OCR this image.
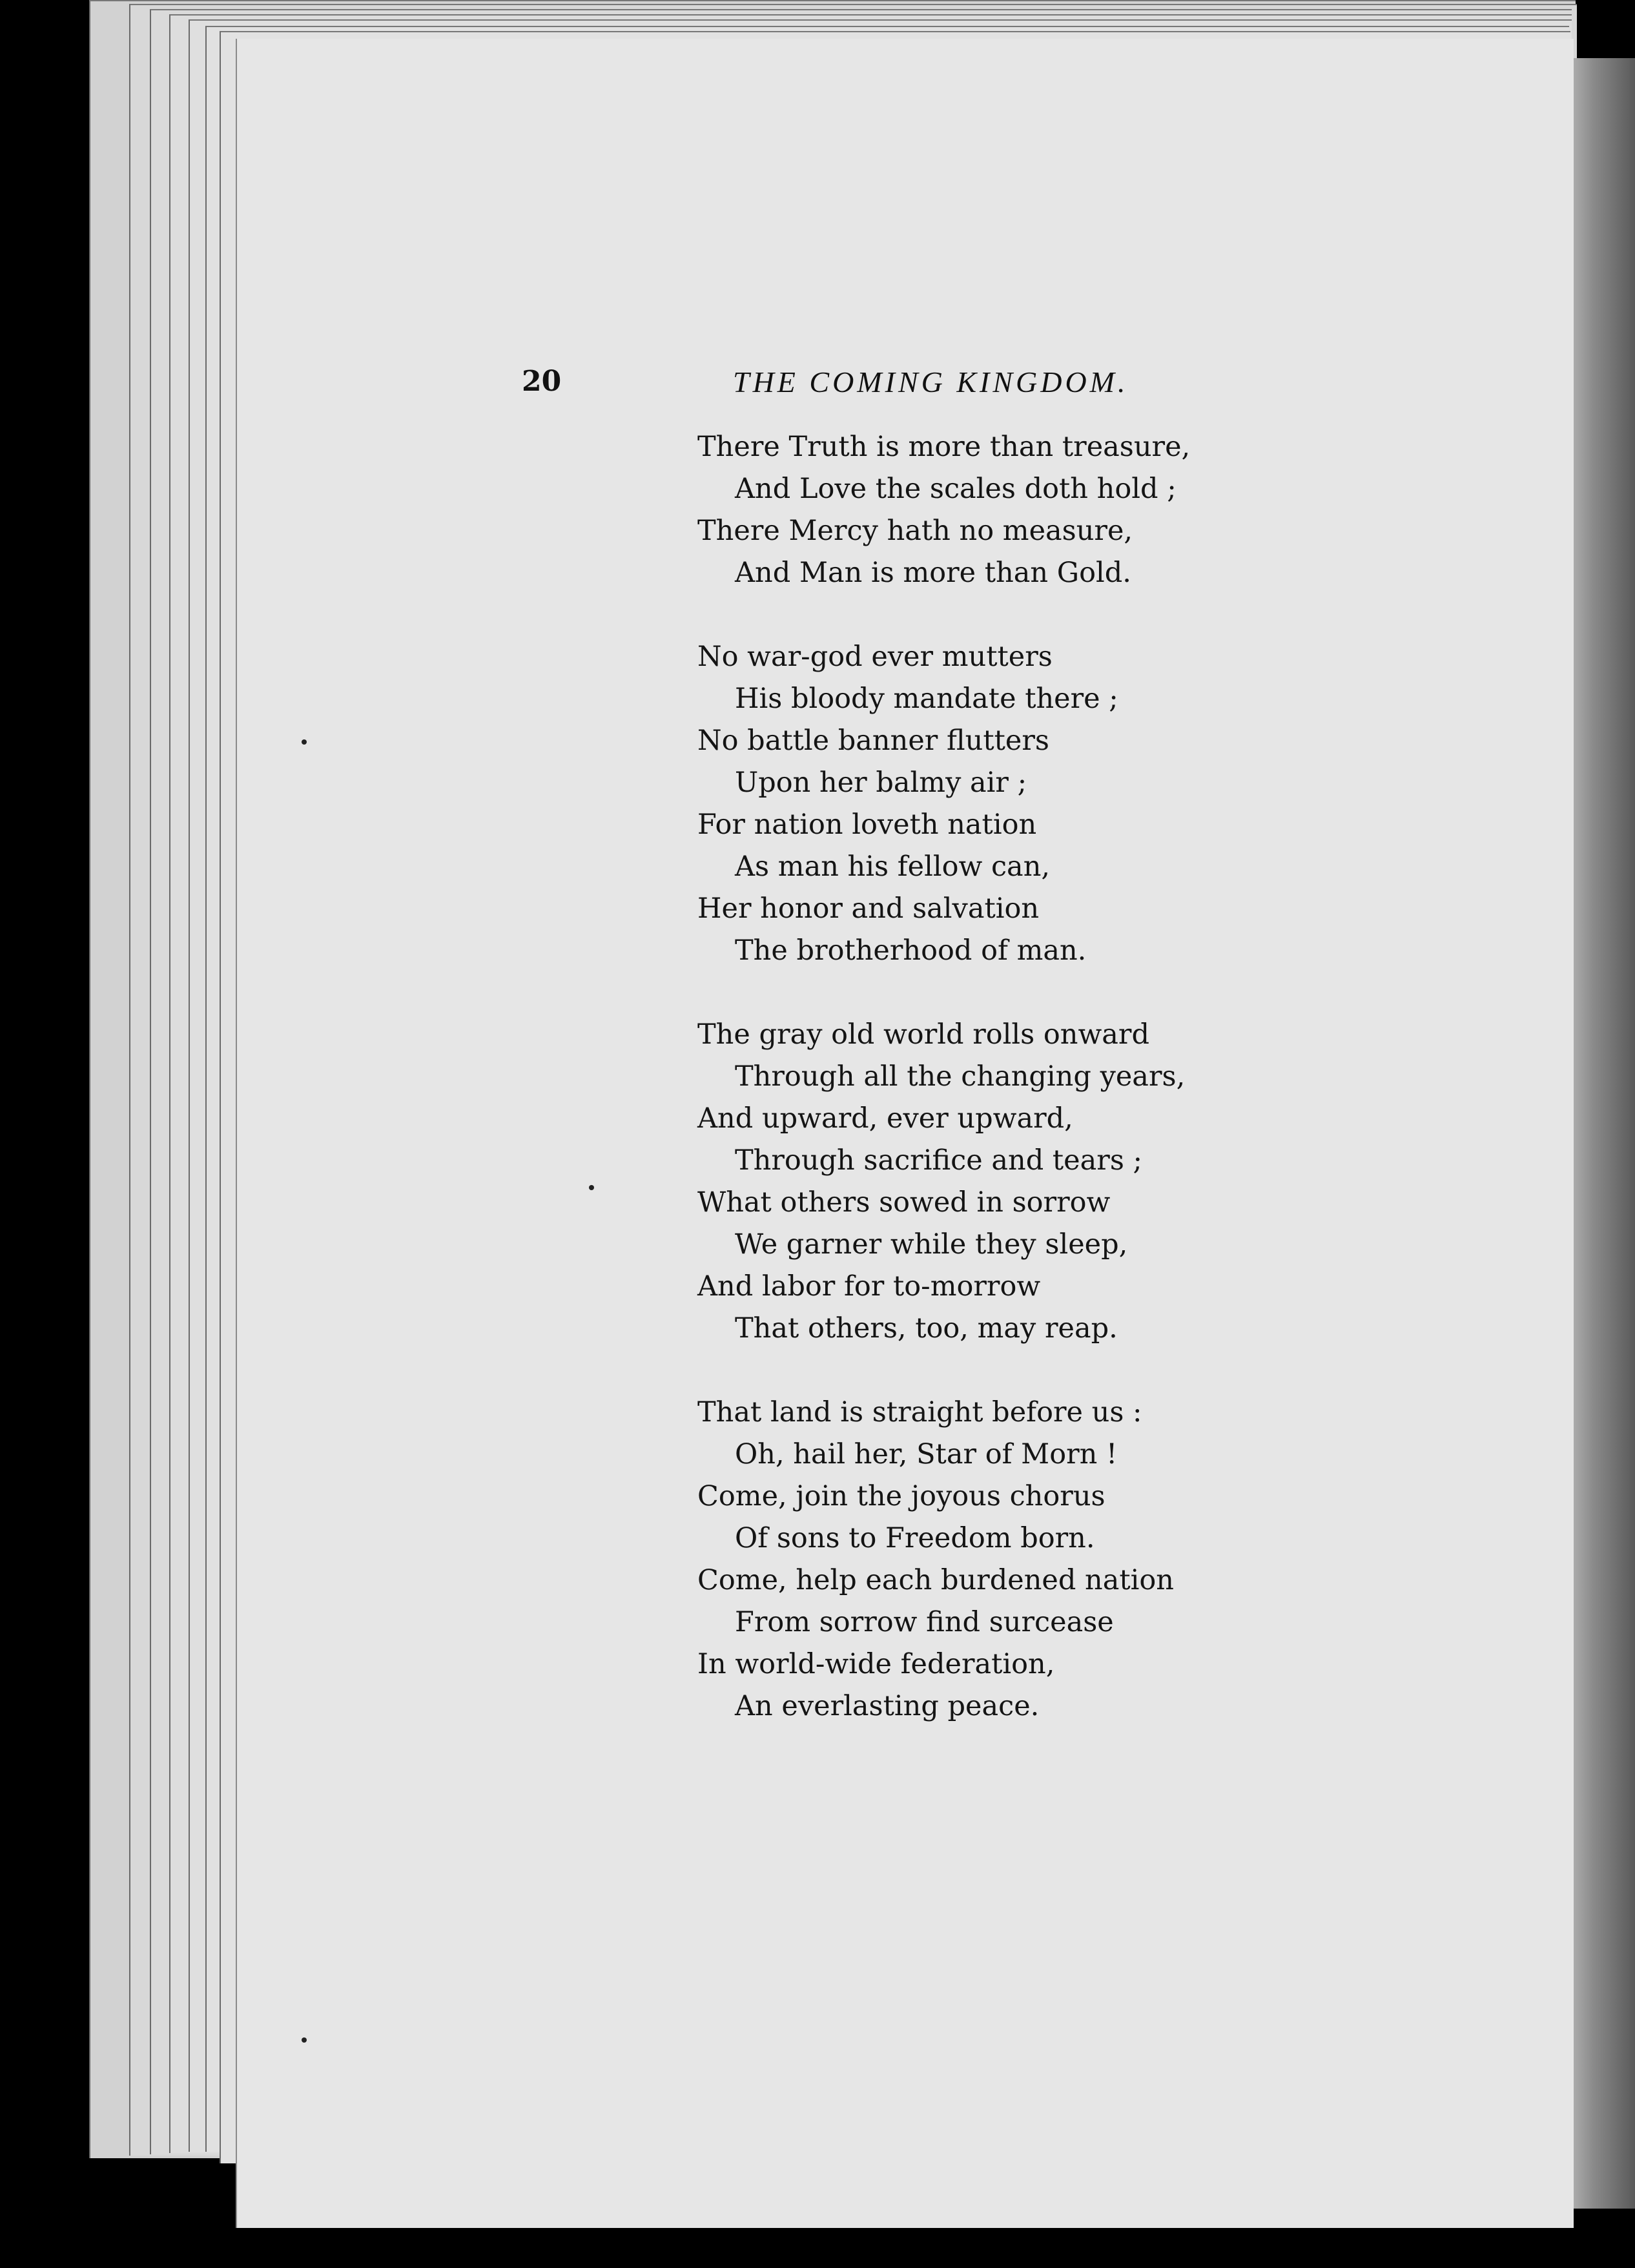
20	THE COMING KINGDOM.
There Truth is more than treasure,
And Love the scales doth hold ;
There Mercy hath no measure,
And Man is more than Gold.
No war-god ever mutters
His bloody mandate there ;
No battle banner flutters
Upon her balmy air ;
For nation loveth nation
As man his fellow can,
Her honor and salvation
The brotherhood of man.
The gray old world rolls onward
Through all the changing years,
And upward, ever upward,
Through sacrifice and tears ;
What others sowed in sorrow
We garner while they sleep,
And labor for to-morrow
That others, too, may reap.
That land is straight before us :
Oh, hail her, Star of Morn !
Come, join the joyous chorus
Of sons to Freedom born.
Come, help each burdened nation
From sorrow find surcease
In world-wide federation,
An everlasting peace.
